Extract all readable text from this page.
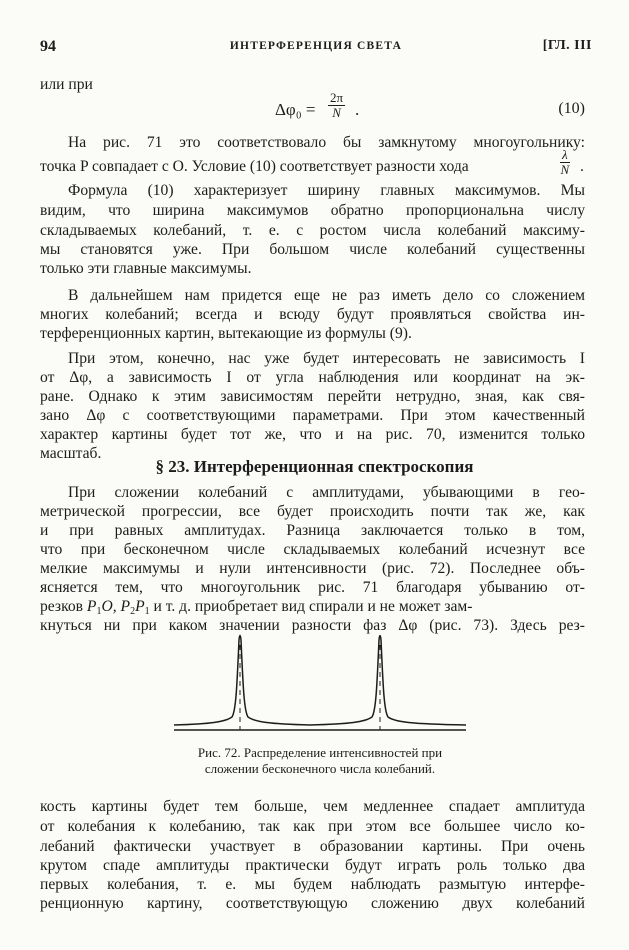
94	ИНТЕРФЕРЕНЦИЯ СВЕТА	[ГЛ. III
или при
$\Delta\varphi_0 = \frac{2\pi}{N}$ .	(10)
На рис. 71 это соответствовало бы замкнутому многоугольнику:
точка P совпадает с O. Условие (10) соответствует разности хода	$\frac{\lambda}{N}$ .
Формула (10) характеризует ширину главных максимумов. Мы
видим, что ширина максимумов обратно пропорциональна числу
складываемых колебаний, т. е. с ростом числа колебаний максиму-
мы становятся уже. При большом числе колебаний существенны
только эти главные максимумы.
В дальнейшем нам придется еще не раз иметь дело со сложением
многих колебаний; всегда и всюду будут проявляться свойства ин-
терференционных картин, вытекающие из формулы (9).
При этом, конечно, нас уже будет интересовать не зависимость I
от Δφ, а зависимость I от угла наблюдения или координат на эк-
ране. Однако к этим зависимостям перейти нетрудно, зная, как свя-
зано Δφ с соответствующими параметрами. При этом качественный
характер картины будет тот же, что и на рис. 70, изменится только
масштаб.
§ 23. Интерференционная спектроскопия
При сложении колебаний с амплитудами, убывающими в гео-
метрической прогрессии, все будет происходить почти так же, как
и при равных амплитудах. Разница заключается только в том,
что при бесконечном числе складываемых колебаний исчезнут все
мелкие максимумы и нули интенсивности (рис. 72). Последнее объ-
ясняется тем, что многоугольник рис. 71 благодаря убыванию от-
резков $P_1O$, $P_2P_1$ и т. д. приобретает вид спирали и не может зам-
кнуться ни при каком значении разности фаз Δφ (рис. 73). Здесь рез-
Рис. 72. Распределение интенсивностей при
сложении бесконечного числа колебаний.
кость картины будет тем больше, чем медленнее спадает амплитуда
от колебания к колебанию, так как при этом все большее число ко-
лебаний фактически участвует в образовании картины. При очень
крутом спаде амплитуды практически будут играть роль только два
первых колебания, т. е. мы будем наблюдать размытую интерфе-
ренционную картину, соответствующую сложению двух колебаний
